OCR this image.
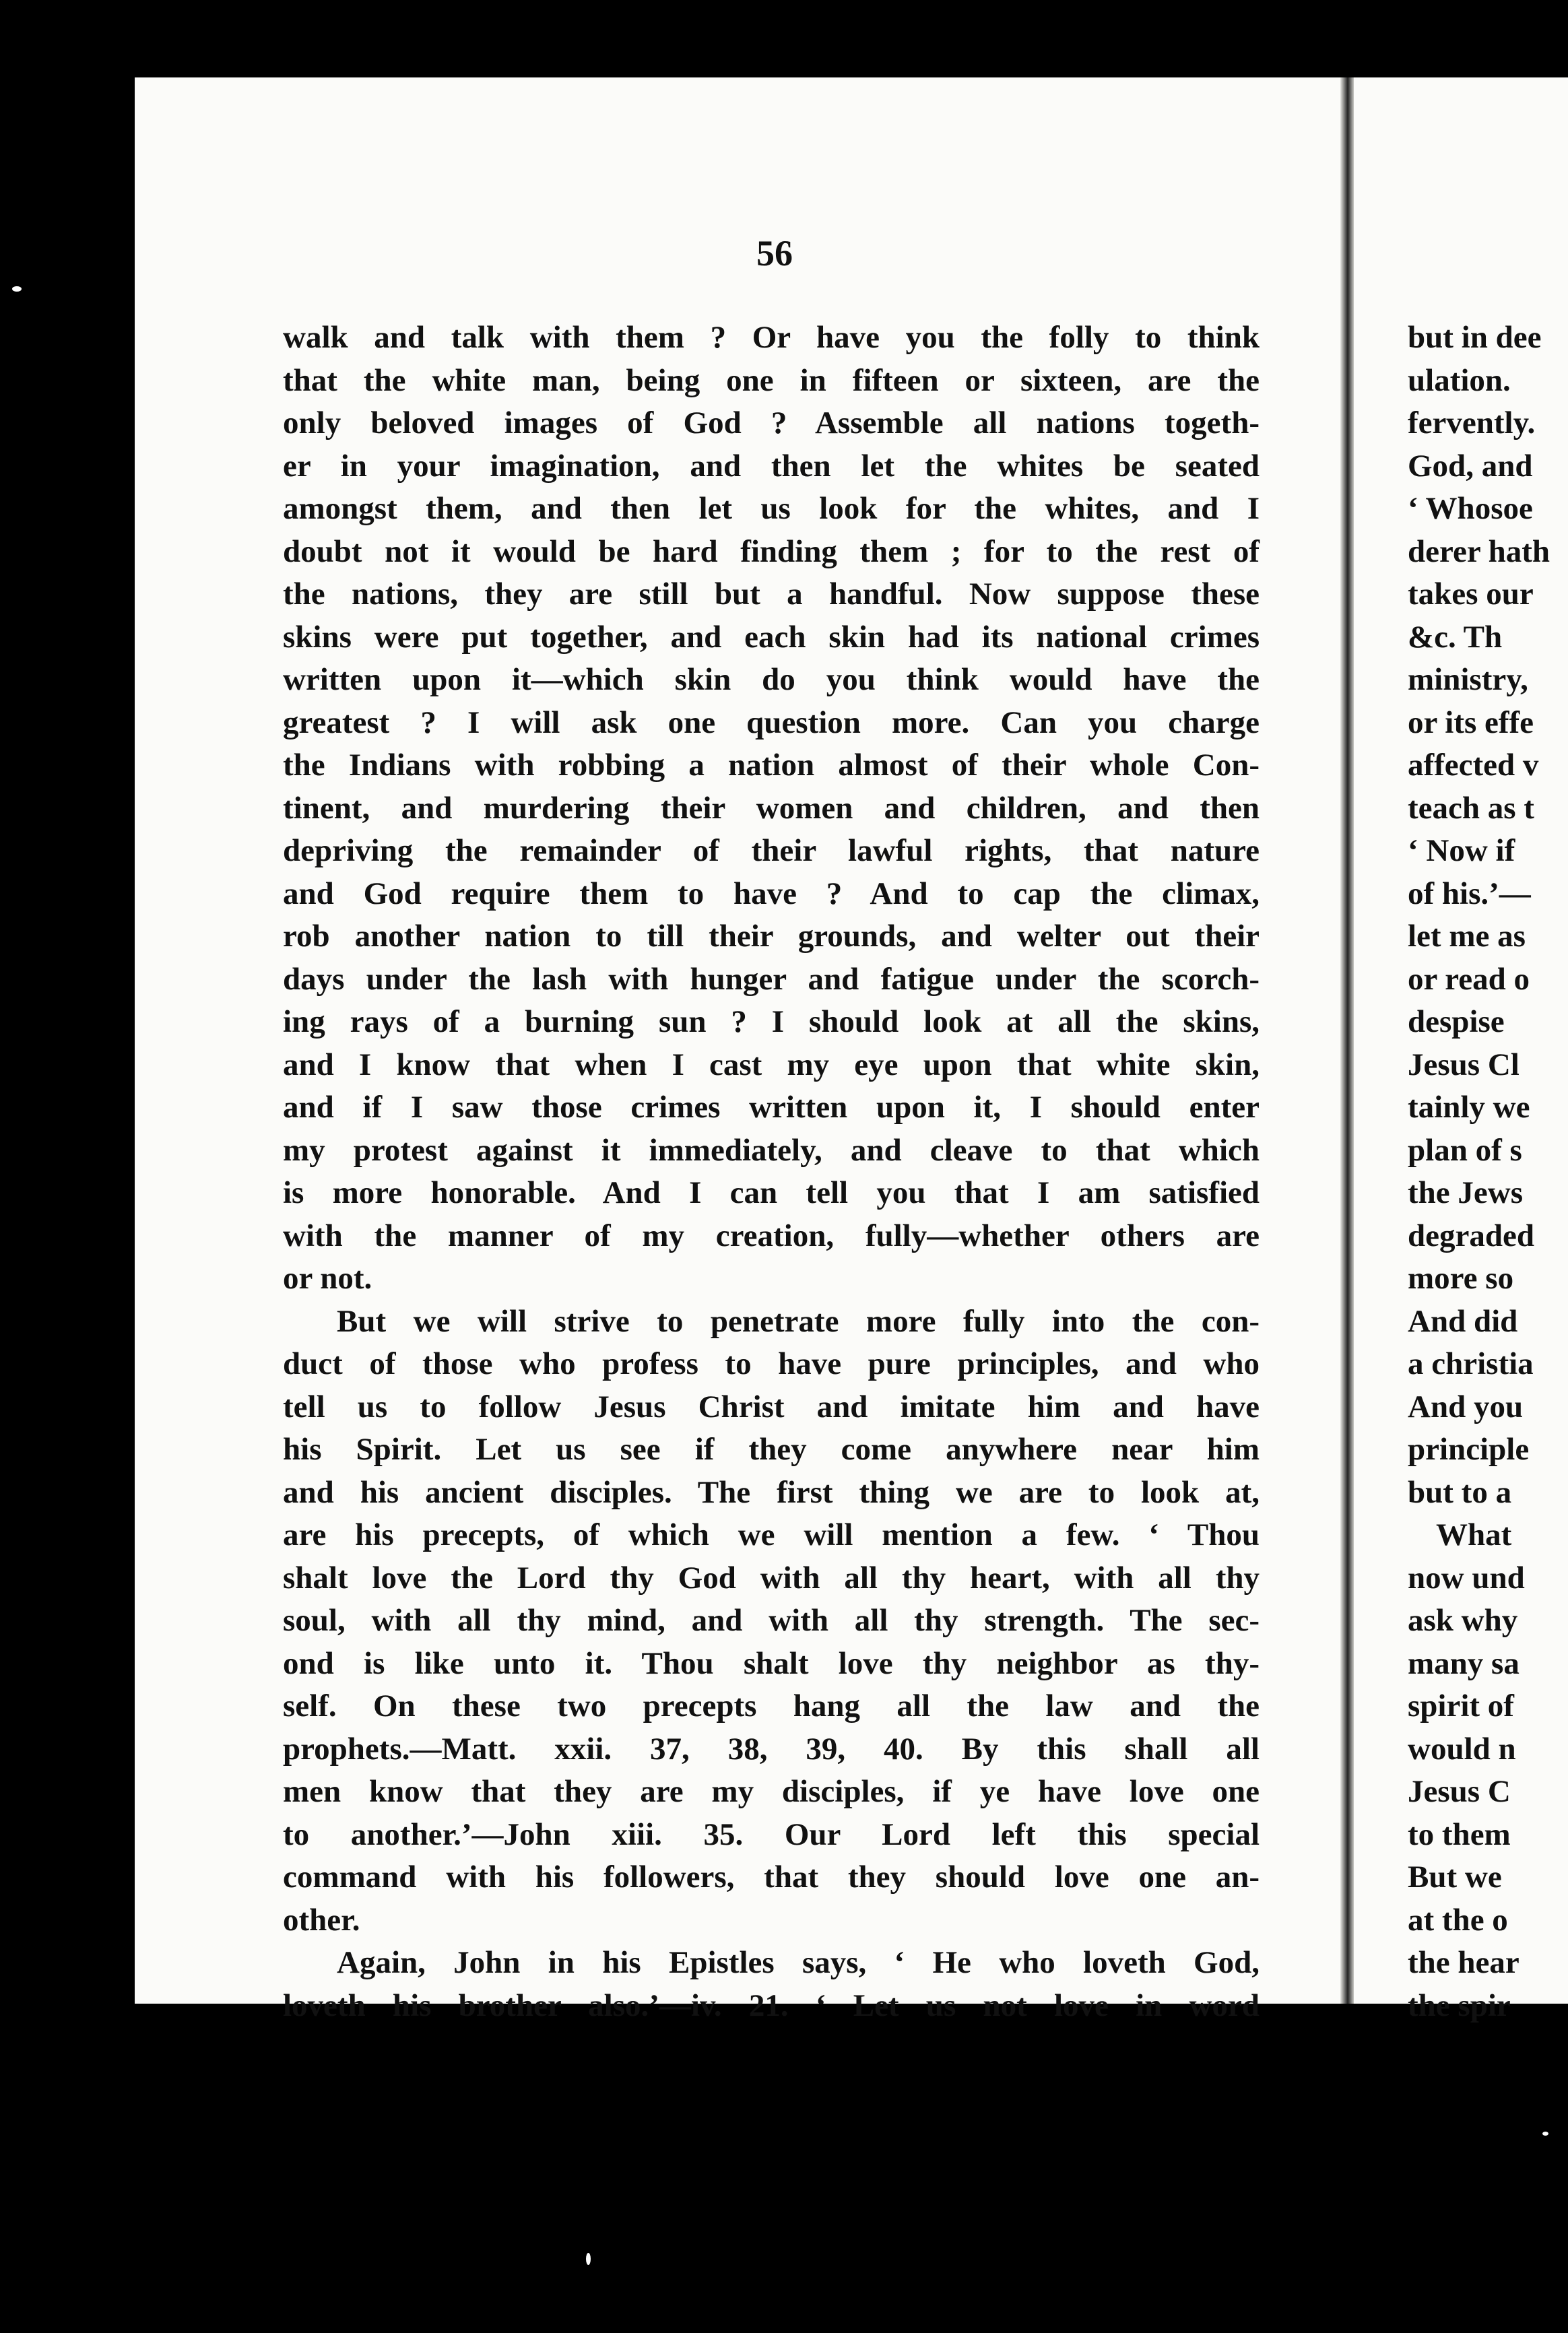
56
walk and talk with them ? Or have you the folly to think
that the white man, being one in fifteen or sixteen, are the
only beloved images of God ? Assemble all nations togeth-
er in your imagination, and then let the whites be seated
amongst them, and then let us look for the whites, and I
doubt not it would be hard finding them ; for to the rest of
the nations, they are still but a handful. Now suppose these
skins were put together, and each skin had its national crimes
written upon it—which skin do you think would have the
greatest ? I will ask one question more. Can you charge
the Indians with robbing a nation almost of their whole Con-
tinent, and murdering their women and children, and then
depriving the remainder of their lawful rights, that nature
and God require them to have ? And to cap the climax,
rob another nation to till their grounds, and welter out their
days under the lash with hunger and fatigue under the scorch-
ing rays of a burning sun ? I should look at all the skins,
and I know that when I cast my eye upon that white skin,
and if I saw those crimes written upon it, I should enter
my protest against it immediately, and cleave to that which
is more honorable. And I can tell you that I am satisfied
with the manner of my creation, fully—whether others are
or not.
But we will strive to penetrate more fully into the con-
duct of those who profess to have pure principles, and who
tell us to follow Jesus Christ and imitate him and have
his Spirit. Let us see if they come anywhere near him
and his ancient disciples. The first thing we are to look at,
are his precepts, of which we will mention a few. ‘ Thou
shalt love the Lord thy God with all thy heart, with all thy
soul, with all thy mind, and with all thy strength. The sec-
ond is like unto it. Thou shalt love thy neighbor as thy-
self. On these two precepts hang all the law and the
prophets.—Matt. xxii. 37, 38, 39, 40. By this shall all
men know that they are my disciples, if ye have love one
to another.’—John xiii. 35. Our Lord left this special
command with his followers, that they should love one an-
other.
Again, John in his Epistles says, ‘ He who loveth God,
loveth his brother also.’—iv. 21. ‘ Let us not love in word
but in dee
ulation.
fervently.
God, and
‘ Whosoe
derer hath
takes our
&c. Th
ministry,
or its effe
affected v
teach as t
‘ Now if
of his.’—
let me as
or read o
despise
Jesus Cl
tainly we
plan of s
the Jews
degraded
more so
And did
a christia
And you
principle
but to a
What
now und
ask why
many sa
spirit of
would n
Jesus C
to them
But we
at the o
the hear
the spir
